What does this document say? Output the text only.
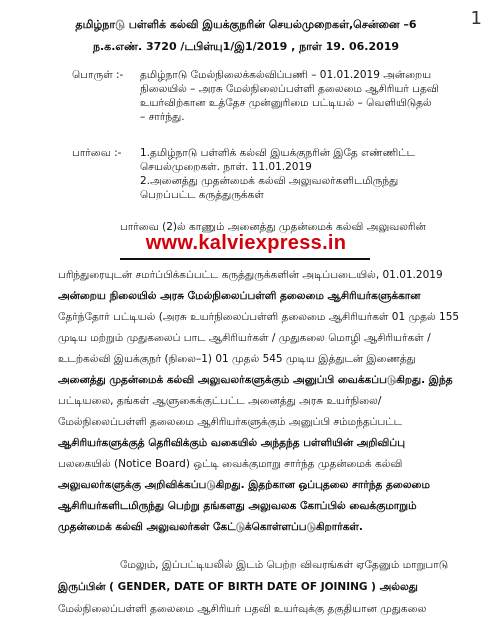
1
தமிழ்நாடு பள்ளிக் கல்வி இயக்குநரின் செயல்முறைகள்,சென்னை –6
ந.க.எண். 3720 /டபிள்யு1/இ1/2019 , நாள் 19. 06.2019
பொருள் :- தமிழ்நாடு மேல்நிலைக்கல்விப்பணி – 01.01.2019 அன்றைய
நிலையில் – அரசு மேல்நிலைப்பள்ளி தலைமை ஆசிரியர் பதவி
உயர்விற்கான உத்தேச முன்னுரிமை பட்டியல் – வெளியிடுதல்
– சார்ந்து.
பார்வை :- 1.தமிழ்நாடு பள்ளிக் கல்வி இயக்குநரின் இதே எண்ணிட்ட
செயல்முறைகள். நாள். 11.01.2019
2.அனைத்து முதன்மைக் கல்வி அலுவலர்களிடமிருந்து
பெறப்பட்ட கருத்துருக்கள்
www.kalviexpress.in
பார்வை (2)ல் காணும் அனைத்து முதன்மைக் கல்வி அலுவலரின்
பரிந்துரையுடன் சமர்ப்பிக்கப்பட்ட கருத்துருக்களின் அடிப்படையில், 01.01.2019
அன்றைய நிலையில் அரசு மேல்நிலைப்பள்ளி தலைமை ஆசிரியர்களுக்கான
தேர்ந்தோர் பட்டியல் (அரசு உயர்நிலைப்பள்ளி தலைமை ஆசிரியர்கள் 01 முதல் 155
முடிய மற்றும் முதுகலைப் பாட ஆசிரியர்கள் / முதுகலை மொழி ஆசிரியர்கள் /
உடற்கல்வி இயக்குநர் (நிலை–1) 01 முதல் 545 முடிய இத்துடன் இணைத்து
அனைத்து முதன்மைக் கல்வி அலுவலர்களுக்கும் அனுப்பி வைக்கப்படுகிறது. இந்த
பட்டியலை, தங்கள் ஆளுகைக்குட்பட்ட அனைத்து அரசு உயர்நிலை/
மேல்நிலைப்பள்ளி தலைமை ஆசிரியர்களுக்கும் அனுப்பி சம்மந்தப்பட்ட
ஆசிரியர்களுக்குத் தெரிவிக்கும் வகையில் அந்தந்த பள்ளியின் அறிவிப்பு
பலகையில் (Notice Board) ஒட்டி வைக்குமாறு சார்ந்த முதன்மைக் கல்வி
அலுவலர்களுக்கு அறிவிக்கப்படுகிறது. இதற்கான ஒப்புதலை சார்ந்த தலைமை
ஆசிரியர்களிடமிருந்து பெற்று தங்களது அலுவலக கோப்பில் வைக்குமாறும்
முதன்மைக் கல்வி அலுவலர்கள் கேட்டுக்கொள்ளப்படுகிறார்கள்.
மேலும், இப்பட்டியலில் இடம் பெற்ற விவரங்கள் ஏதேனும் மாறுபாடு
இருப்பின் ( GENDER, DATE OF BIRTH DATE OF JOINING ) அல்லது
மேல்நிலைப்பள்ளி தலைமை ஆசிரியர் பதவி உயர்வுக்கு தகுதியான முதுகலை
